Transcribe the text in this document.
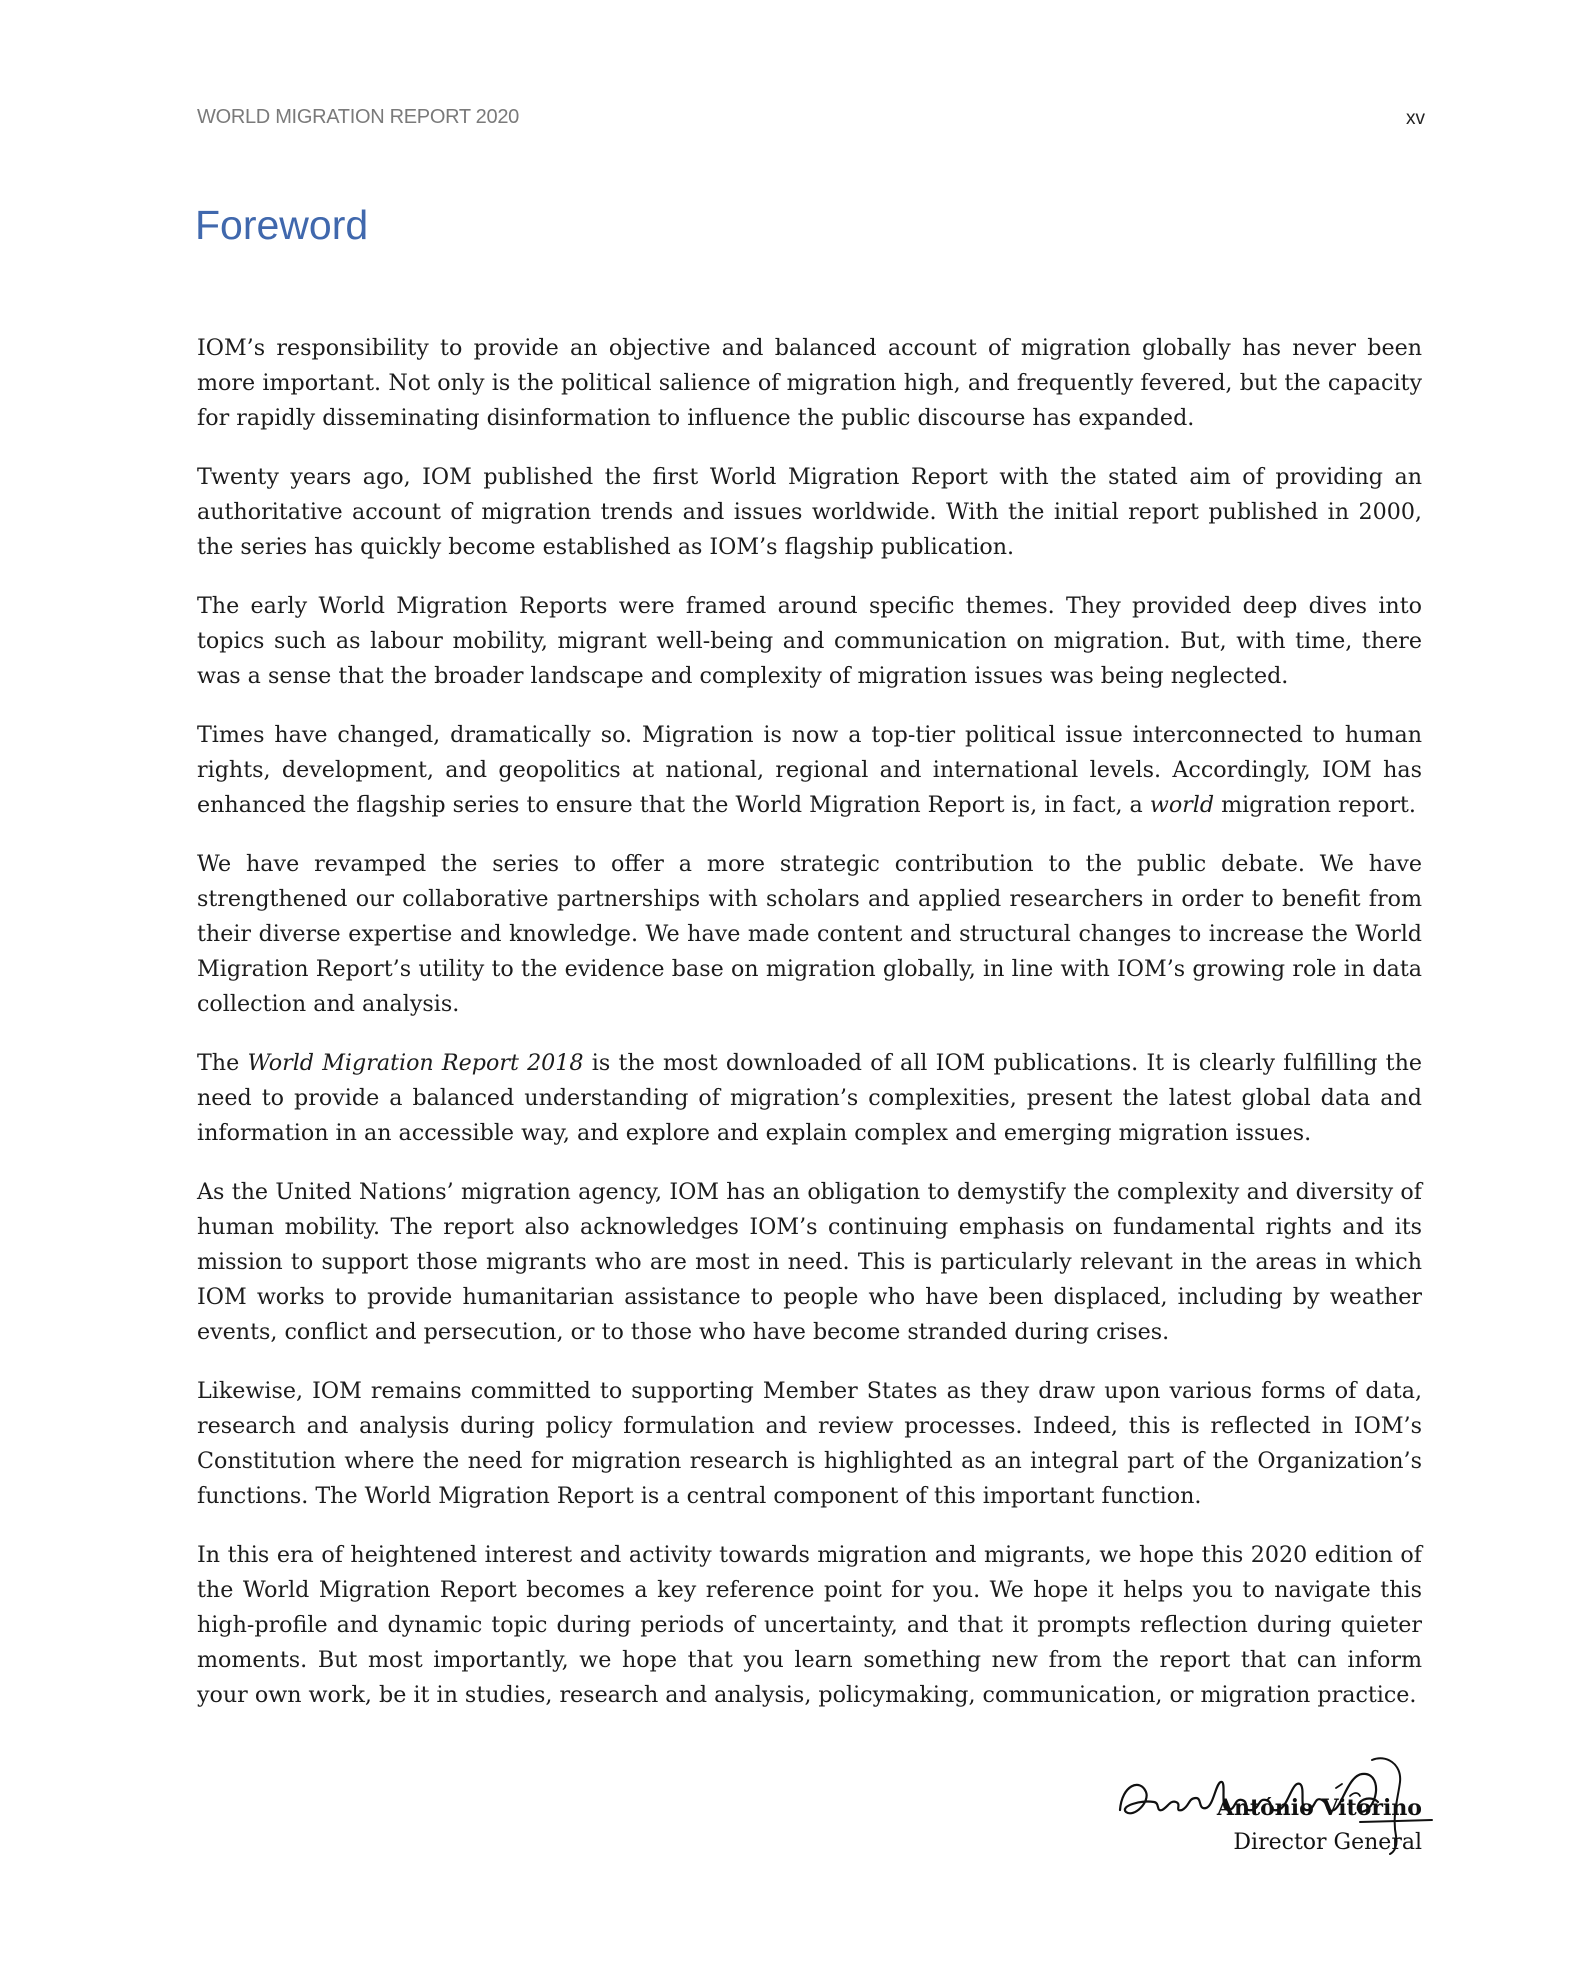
WORLD MIGRATION REPORT 2020	xv
Foreword

IOM’s responsibility to provide an objective and balanced account of migration globally has never been more important. Not only is the political salience of migration high, and frequently fevered, but the capacity for rapidly disseminating disinformation to influence the public discourse has expanded.

Twenty years ago, IOM published the first World Migration Report with the stated aim of providing an authoritative account of migration trends and issues worldwide. With the initial report published in 2000, the series has quickly become established as IOM’s flagship publication.

The early World Migration Reports were framed around specific themes. They provided deep dives into topics such as labour mobility, migrant well-being and communication on migration. But, with time, there was a sense that the broader landscape and complexity of migration issues was being neglected.

Times have changed, dramatically so. Migration is now a top-tier political issue interconnected to human rights, development, and geopolitics at national, regional and international levels. Accordingly, IOM has enhanced the flagship series to ensure that the World Migration Report is, in fact, a world migration report.

We have revamped the series to offer a more strategic contribution to the public debate. We have strengthened our collaborative partnerships with scholars and applied researchers in order to benefit from their diverse expertise and knowledge. We have made content and structural changes to increase the World Migration Report’s utility to the evidence base on migration globally, in line with IOM’s growing role in data collection and analysis.

The World Migration Report 2018 is the most downloaded of all IOM publications. It is clearly fulfilling the need to provide a balanced understanding of migration’s complexities, present the latest global data and information in an accessible way, and explore and explain complex and emerging migration issues.

As the United Nations’ migration agency, IOM has an obligation to demystify the complexity and diversity of human mobility. The report also acknowledges IOM’s continuing emphasis on fundamental rights and its mission to support those migrants who are most in need. This is particularly relevant in the areas in which IOM works to provide humanitarian assistance to people who have been displaced, including by weather events, conflict and persecution, or to those who have become stranded during crises.

Likewise, IOM remains committed to supporting Member States as they draw upon various forms of data, research and analysis during policy formulation and review processes. Indeed, this is reflected in IOM’s Constitution where the need for migration research is highlighted as an integral part of the Organization’s functions. The World Migration Report is a central component of this important function.

In this era of heightened interest and activity towards migration and migrants, we hope this 2020 edition of the World Migration Report becomes a key reference point for you. We hope it helps you to navigate this high-profile and dynamic topic during periods of uncertainty, and that it prompts reflection during quieter moments. But most importantly, we hope that you learn something new from the report that can inform your own work, be it in studies, research and analysis, policymaking, communication, or migration practice.

António Vitorino
Director General
